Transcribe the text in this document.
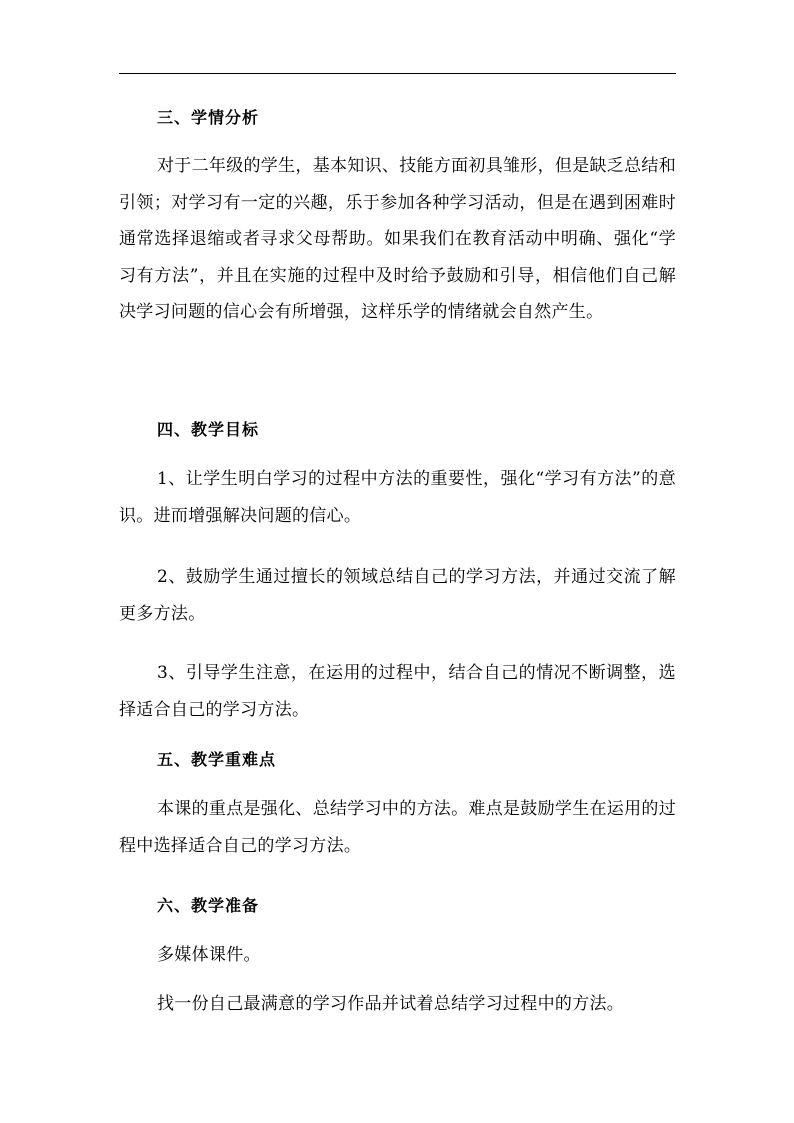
三、学情分析
对于二年级的学生，基本知识、技能方面初具雏形，但是缺乏总结和引领；对学习有一定的兴趣，乐于参加各种学习活动，但是在遇到困难时通常选择退缩或者寻求父母帮助。如果我们在教育活动中明确、强化“学习有方法”，并且在实施的过程中及时给予鼓励和引导，相信他们自己解决学习问题的信心会有所增强，这样乐学的情绪就会自然产生。
四、教学目标
1、让学生明白学习的过程中方法的重要性，强化“学习有方法”的意识。进而增强解决问题的信心。
2、鼓励学生通过擅长的领域总结自己的学习方法，并通过交流了解更多方法。
3、引导学生注意，在运用的过程中，结合自己的情况不断调整，选择适合自己的学习方法。
五、教学重难点
本课的重点是强化、总结学习中的方法。难点是鼓励学生在运用的过程中选择适合自己的学习方法。
六、教学准备
多媒体课件。
找一份自己最满意的学习作品并试着总结学习过程中的方法。
